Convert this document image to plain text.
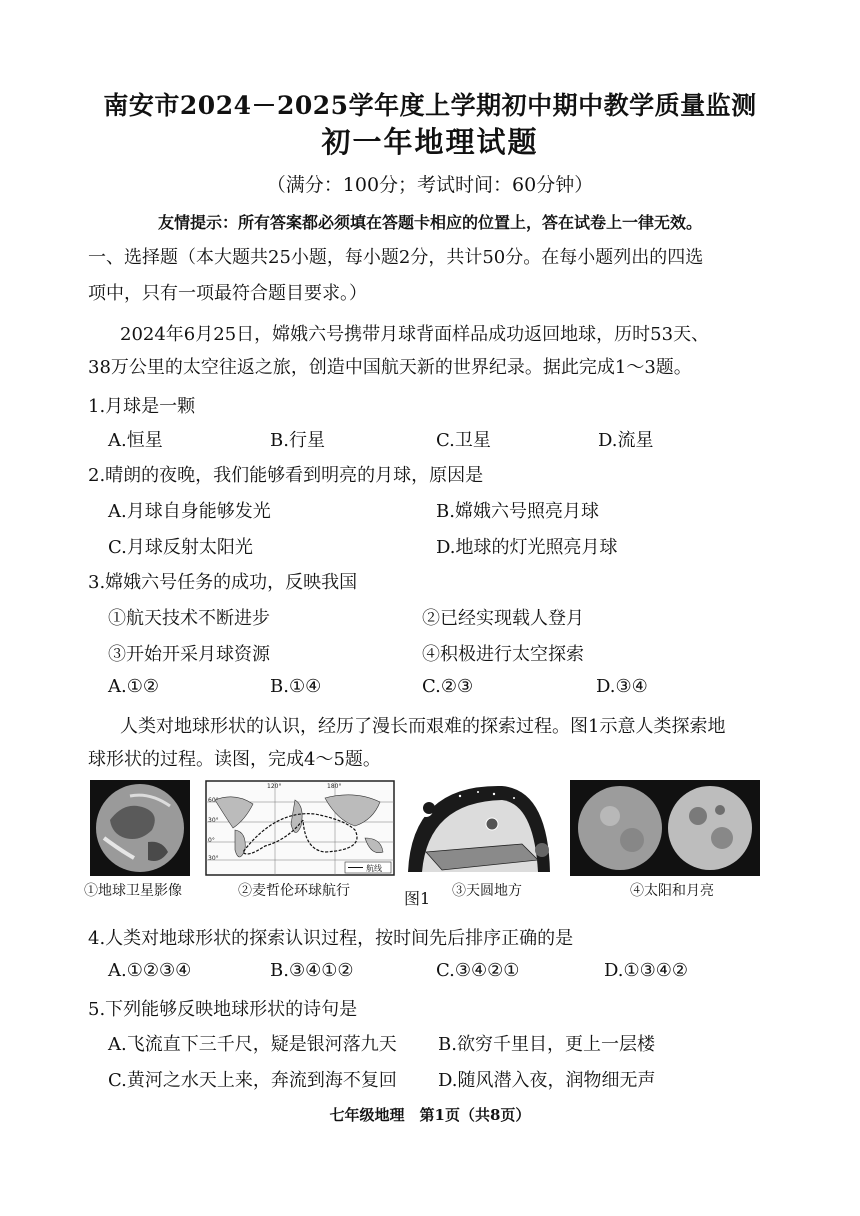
南安市2024－2025学年度上学期初中期中教学质量监测
初一年地理试题
（满分：100分；考试时间：60分钟）
友情提示：所有答案都必须填在答题卡相应的位置上，答在试卷上一律无效。
一、选择题（本大题共25小题，每小题2分，共计50分。在每小题列出的四选
项中，只有一项最符合题目要求。）
2024年6月25日，嫦娥六号携带月球背面样品成功返回地球，历时53天、
38万公里的太空往返之旅，创造中国航天新的世界纪录。据此完成1～3题。
1.月球是一颗
A.恒星	B.行星	C.卫星	D.流星
2.晴朗的夜晚，我们能够看到明亮的月球，原因是
A.月球自身能够发光	B.嫦娥六号照亮月球
C.月球反射太阳光	D.地球的灯光照亮月球
3.嫦娥六号任务的成功，反映我国
①航天技术不断进步	②已经实现载人登月
③开始开采月球资源	④积极进行太空探索
A.①②	B.①④	C.②③	D.③④
人类对地球形状的认识，经历了漫长而艰难的探索过程。图1示意人类探索地
球形状的过程。读图，完成4～5题。
航线
60°
30°
0°
30°
120°	180°
①地球卫星影像	②麦哲伦环球航行	图1 ③天圆地方	④太阳和月亮
4.人类对地球形状的探索认识过程，按时间先后排序正确的是
A.①②③④	B.③④①②	C.③④②①	D.①③④②
5.下列能够反映地球形状的诗句是
A.飞流直下三千尺，疑是银河落九天 B.欲穷千里目，更上一层楼
C.黄河之水天上来，奔流到海不复回 D.随风潜入夜，润物细无声
七年级地理　第1页（共8页）
